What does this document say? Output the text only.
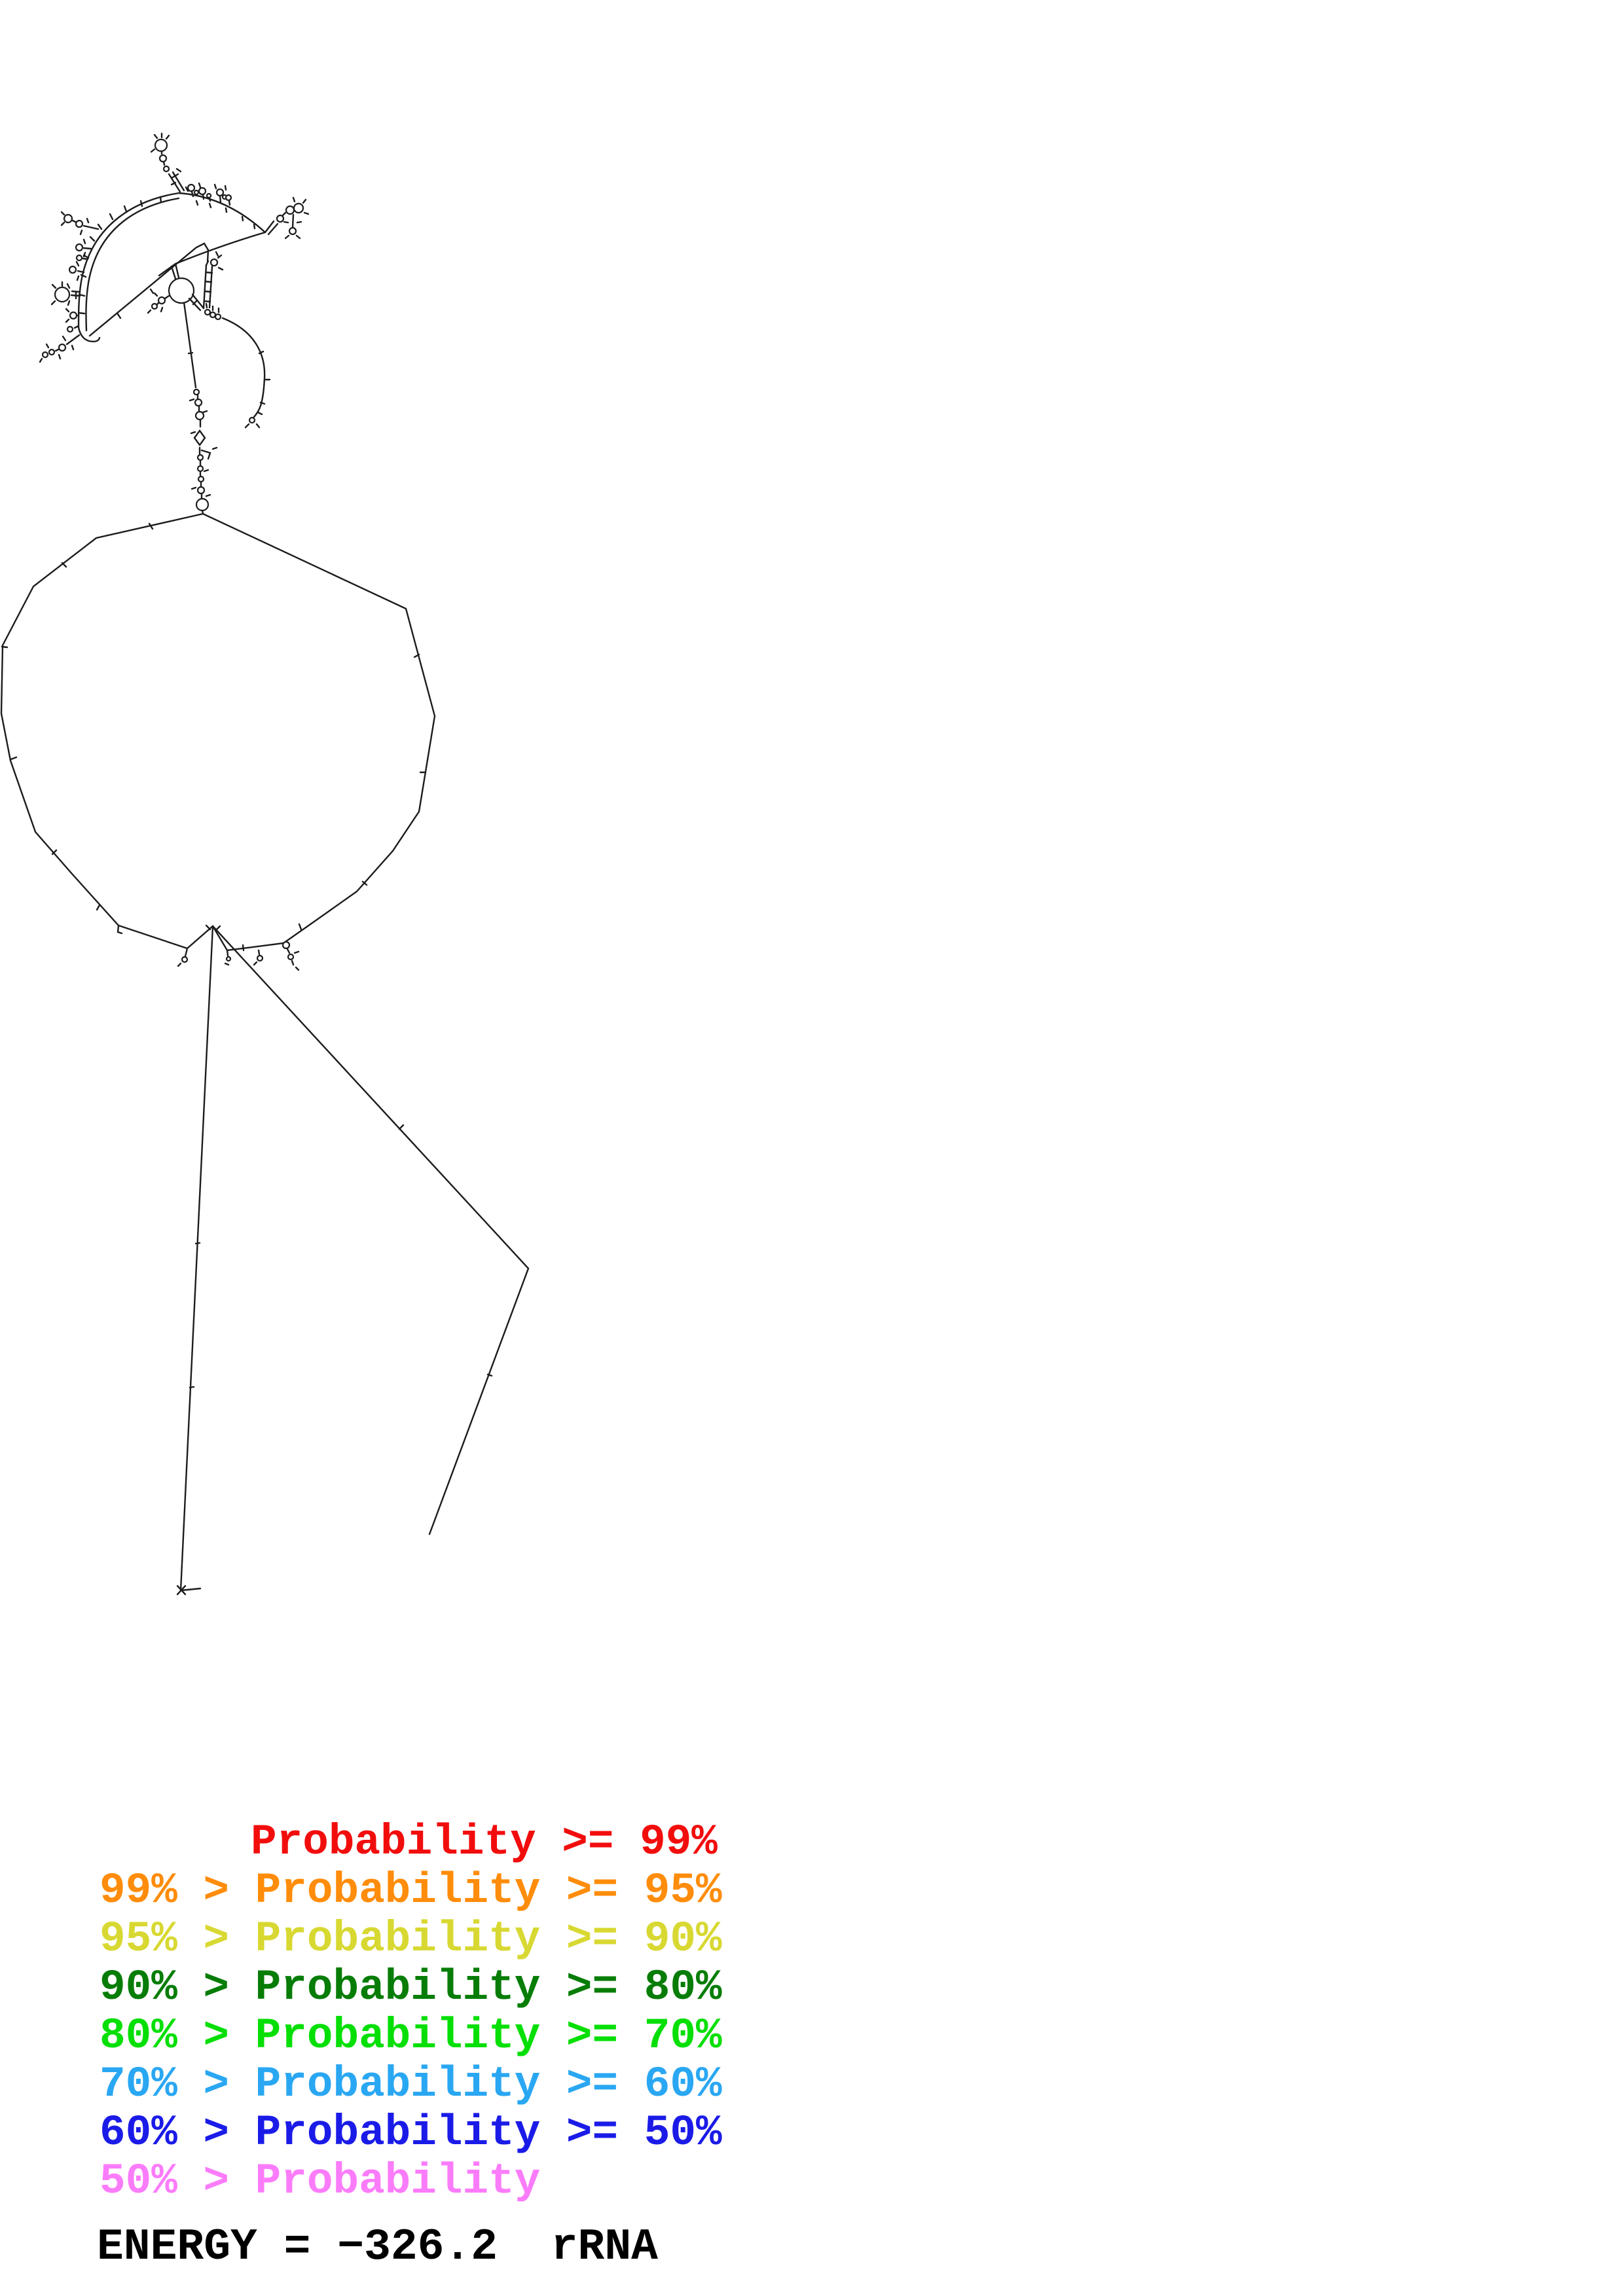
Probability >= 99%
99% > Probability >= 95%
95% > Probability >= 90%
90% > Probability >= 80%
80% > Probability >= 70%
70% > Probability >= 60%
60% > Probability >= 50%
50% > Probability
ENERGY = −326.2  rRNA
